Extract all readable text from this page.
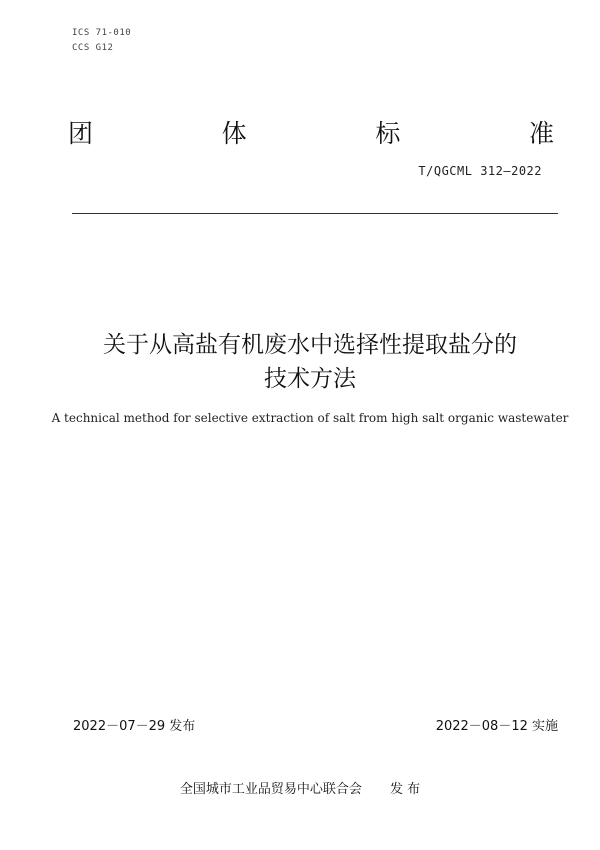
ICS 71-010
CCS G12
团	体	标	准
T/QGCML 312—2022
关于从高盐有机废水中选择性提取盐分的
技术方法
A technical method for selective extraction of salt from high salt organic wastewater
2022－07－29 发布	2022－08－12 实施
全国城市工业品贸易中心联合会 发 布
